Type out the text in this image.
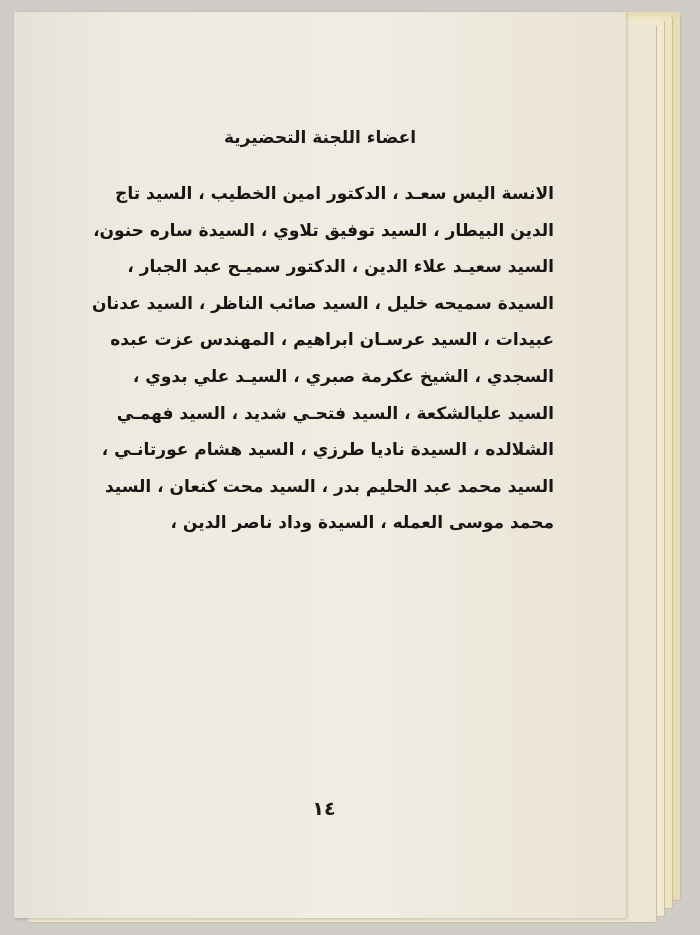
اعضاء اللجنة التحضيرية
الانسة اليس سعـد ، الدكتور امين الخطيب ، السيد تاج
الدين البيطار ، السيد توفيق تلاوي ، السيدة ساره حنون،
السيد سعيـد علاء الدين ، الدكتور سميـح عبد الجبار ،
السيدة سميحه خليل ، السيد صائب الناظر ، السيد عدنان
عبيدات ، السيد عرسـان ابراهيم ، المهندس عزت عبده
السجدي ، الشيخ عكرمة صبري ، السيـد علي بدوي ،
السيد عليالشكعة ، السيد فتحـي شديد ، السيد فهمـي
الشلالده ، السيدة ناديا طرزي ، السيد هشام عورتانـي ،
السيد محمد عبد الحليم بدر ، السيد محت كنعان ، السيد
محمد موسى العمله ، السيدة وداد ناصر الدين ،
١٤
